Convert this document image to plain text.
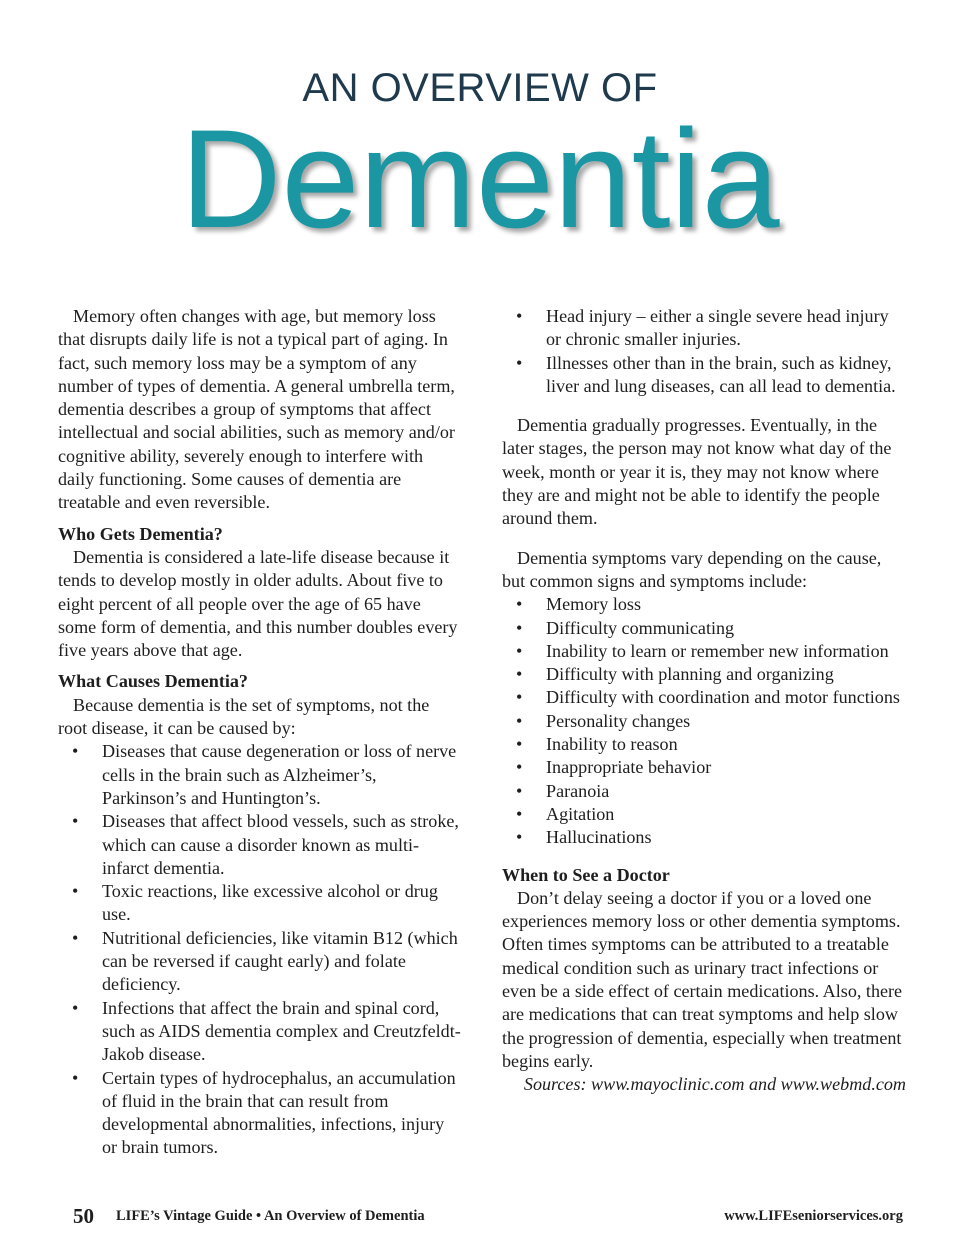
AN OVERVIEW OF
Dementia

Memory often changes with age, but memory loss that disrupts daily life is not a typical part of aging. In fact, such memory loss may be a symptom of any number of types of dementia. A general umbrella term, dementia describes a group of symptoms that affect intellectual and social abilities, such as memory and/or cognitive ability, severely enough to interfere with daily functioning. Some causes of dementia are treatable and even reversible.

Who Gets Dementia?

Dementia is considered a late-life disease because it tends to develop mostly in older adults. About five to eight percent of all people over the age of 65 have some form of dementia, and this number doubles every five years above that age.

What Causes Dementia?

Because dementia is the set of symptoms, not the root disease, it can be caused by:

• Diseases that cause degeneration or loss of nerve cells in the brain such as Alzheimer’s, Parkinson’s and Huntington’s.
• Diseases that affect blood vessels, such as stroke, which can cause a disorder known as multi-infarct dementia.
• Toxic reactions, like excessive alcohol or drug use.
• Nutritional deficiencies, like vitamin B12 (which can be reversed if caught early) and folate deficiency.
• Infections that affect the brain and spinal cord, such as AIDS dementia complex and Creutzfeldt-Jakob disease.
• Certain types of hydrocephalus, an accumulation of fluid in the brain that can result from developmental abnormalities, infections, injury or brain tumors.
• Head injury – either a single severe head injury or chronic smaller injuries.
• Illnesses other than in the brain, such as kidney, liver and lung diseases, can all lead to dementia.

Dementia gradually progresses. Eventually, in the later stages, the person may not know what day of the week, month or year it is, they may not know where they are and might not be able to identify the people around them.

Dementia symptoms vary depending on the cause, but common signs and symptoms include:

• Memory loss
• Difficulty communicating
• Inability to learn or remember new information
• Difficulty with planning and organizing
• Difficulty with coordination and motor functions
• Personality changes
• Inability to reason
• Inappropriate behavior
• Paranoia
• Agitation
• Hallucinations

When to See a Doctor

Don’t delay seeing a doctor if you or a loved one experiences memory loss or other dementia symptoms. Often times symptoms can be attributed to a treatable medical condition such as urinary tract infections or even be a side effect of certain medications. Also, there are medications that can treat symptoms and help slow the progression of dementia, especially when treatment begins early.

Sources: www.mayoclinic.com and www.webmd.com

50 LIFE’s Vintage Guide • An Overview of Dementia	www.LIFEseniorservices.org
